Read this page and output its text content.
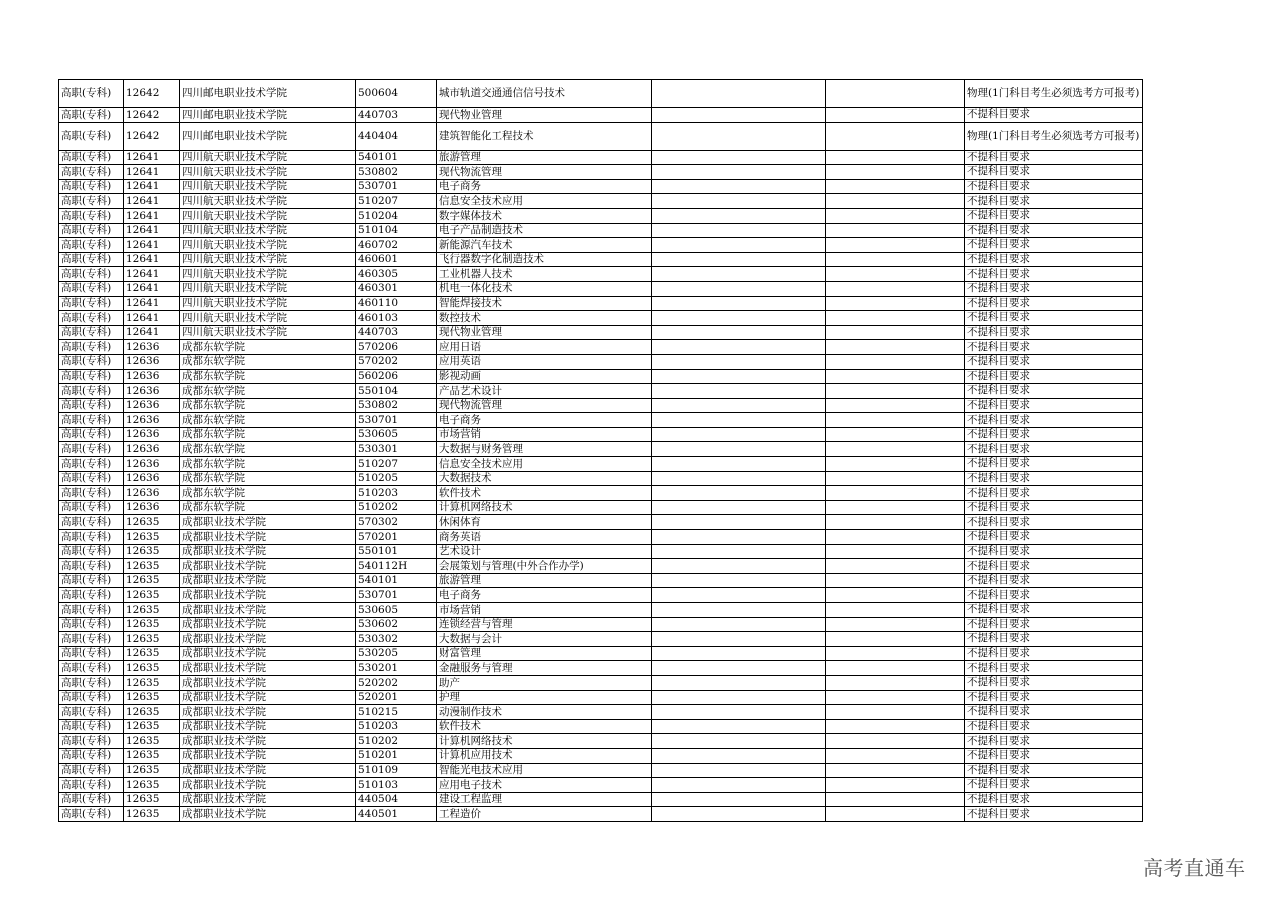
高职(专科)	12642	四川邮电职业技术学院	500604	城市轨道交通通信信号技术			物理(1门科目考生必须选考方可报考)
高职(专科)	12642	四川邮电职业技术学院	440703	现代物业管理			不提科目要求
高职(专科)	12642	四川邮电职业技术学院	440404	建筑智能化工程技术			物理(1门科目考生必须选考方可报考)
高职(专科)	12641	四川航天职业技术学院	540101	旅游管理			不提科目要求
高职(专科)	12641	四川航天职业技术学院	530802	现代物流管理			不提科目要求
高职(专科)	12641	四川航天职业技术学院	530701	电子商务			不提科目要求
高职(专科)	12641	四川航天职业技术学院	510207	信息安全技术应用			不提科目要求
高职(专科)	12641	四川航天职业技术学院	510204	数字媒体技术			不提科目要求
高职(专科)	12641	四川航天职业技术学院	510104	电子产品制造技术			不提科目要求
高职(专科)	12641	四川航天职业技术学院	460702	新能源汽车技术			不提科目要求
高职(专科)	12641	四川航天职业技术学院	460601	飞行器数字化制造技术			不提科目要求
高职(专科)	12641	四川航天职业技术学院	460305	工业机器人技术			不提科目要求
高职(专科)	12641	四川航天职业技术学院	460301	机电一体化技术			不提科目要求
高职(专科)	12641	四川航天职业技术学院	460110	智能焊接技术			不提科目要求
高职(专科)	12641	四川航天职业技术学院	460103	数控技术			不提科目要求
高职(专科)	12641	四川航天职业技术学院	440703	现代物业管理			不提科目要求
高职(专科)	12636	成都东软学院	570206	应用日语			不提科目要求
高职(专科)	12636	成都东软学院	570202	应用英语			不提科目要求
高职(专科)	12636	成都东软学院	560206	影视动画			不提科目要求
高职(专科)	12636	成都东软学院	550104	产品艺术设计			不提科目要求
高职(专科)	12636	成都东软学院	530802	现代物流管理			不提科目要求
高职(专科)	12636	成都东软学院	530701	电子商务			不提科目要求
高职(专科)	12636	成都东软学院	530605	市场营销			不提科目要求
高职(专科)	12636	成都东软学院	530301	大数据与财务管理			不提科目要求
高职(专科)	12636	成都东软学院	510207	信息安全技术应用			不提科目要求
高职(专科)	12636	成都东软学院	510205	大数据技术			不提科目要求
高职(专科)	12636	成都东软学院	510203	软件技术			不提科目要求
高职(专科)	12636	成都东软学院	510202	计算机网络技术			不提科目要求
高职(专科)	12635	成都职业技术学院	570302	休闲体育			不提科目要求
高职(专科)	12635	成都职业技术学院	570201	商务英语			不提科目要求
高职(专科)	12635	成都职业技术学院	550101	艺术设计			不提科目要求
高职(专科)	12635	成都职业技术学院	540112H	会展策划与管理(中外合作办学)			不提科目要求
高职(专科)	12635	成都职业技术学院	540101	旅游管理			不提科目要求
高职(专科)	12635	成都职业技术学院	530701	电子商务			不提科目要求
高职(专科)	12635	成都职业技术学院	530605	市场营销			不提科目要求
高职(专科)	12635	成都职业技术学院	530602	连锁经营与管理			不提科目要求
高职(专科)	12635	成都职业技术学院	530302	大数据与会计			不提科目要求
高职(专科)	12635	成都职业技术学院	530205	财富管理			不提科目要求
高职(专科)	12635	成都职业技术学院	530201	金融服务与管理			不提科目要求
高职(专科)	12635	成都职业技术学院	520202	助产			不提科目要求
高职(专科)	12635	成都职业技术学院	520201	护理			不提科目要求
高职(专科)	12635	成都职业技术学院	510215	动漫制作技术			不提科目要求
高职(专科)	12635	成都职业技术学院	510203	软件技术			不提科目要求
高职(专科)	12635	成都职业技术学院	510202	计算机网络技术			不提科目要求
高职(专科)	12635	成都职业技术学院	510201	计算机应用技术			不提科目要求
高职(专科)	12635	成都职业技术学院	510109	智能光电技术应用			不提科目要求
高职(专科)	12635	成都职业技术学院	510103	应用电子技术			不提科目要求
高职(专科)	12635	成都职业技术学院	440504	建设工程监理			不提科目要求
高职(专科)	12635	成都职业技术学院	440501	工程造价			不提科目要求
高考直通车
